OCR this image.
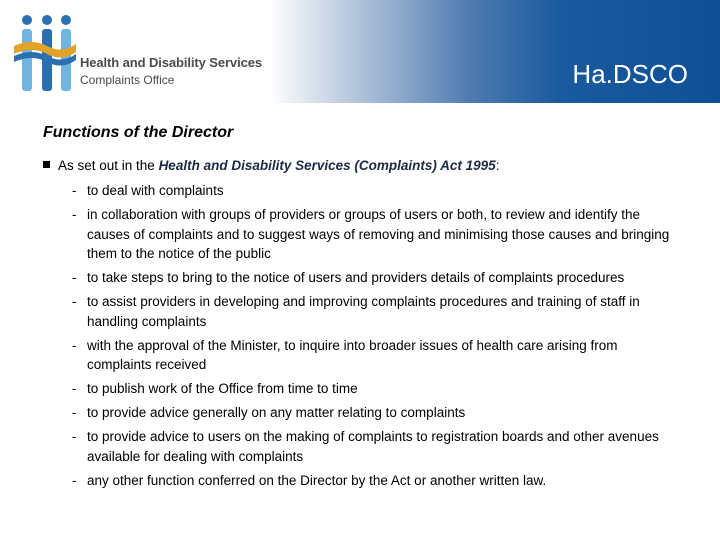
Health and Disability Services
Complaints Office	Ha.DSCO
Functions of the Director
As set out in the Health and Disability Services (Complaints) Act 1995:
- to deal with complaints
- in collaboration with groups of providers or groups of users or both, to review and identify the causes of complaints and to suggest ways of removing and minimising those causes and bringing them to the notice of the public
- to take steps to bring to the notice of users and providers details of complaints procedures
- to assist providers in developing and improving complaints procedures and training of staff in handling complaints
- with the approval of the Minister, to inquire into broader issues of health care arising from complaints received
- to publish work of the Office from time to time
- to provide advice generally on any matter relating to complaints
- to provide advice to users on the making of complaints to registration boards and other avenues available for dealing with complaints
- any other function conferred on the Director by the Act or another written law.
